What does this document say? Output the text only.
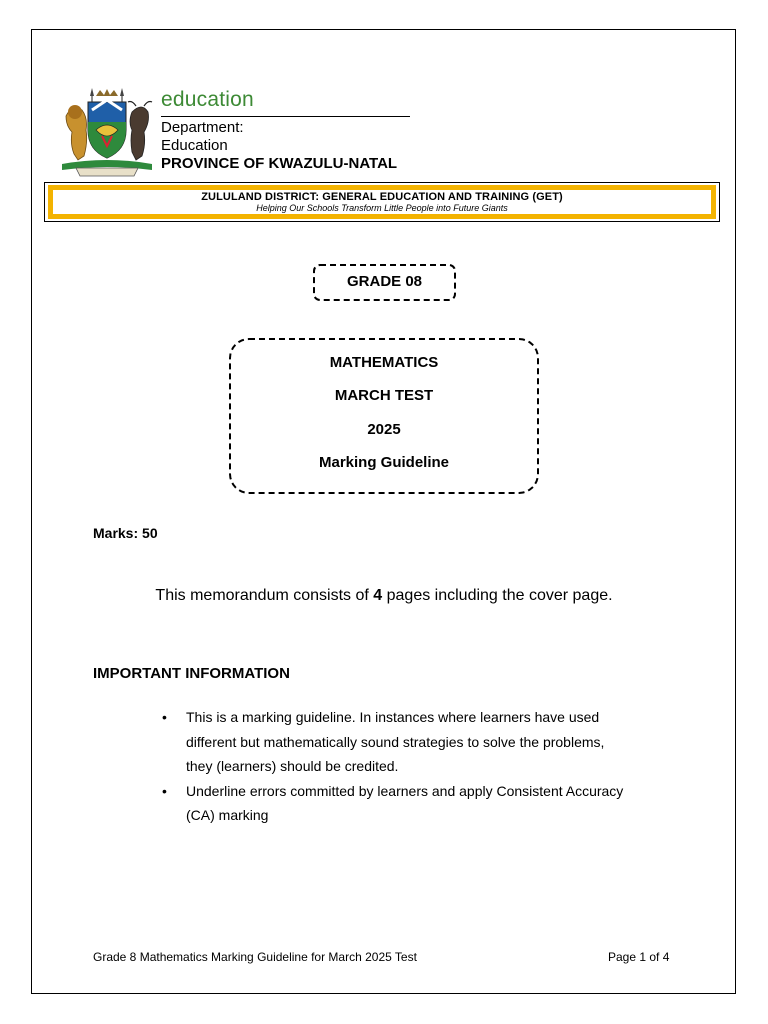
education
Department:
Education
PROVINCE OF KWAZULU-NATAL
ZULULAND DISTRICT: GENERAL EDUCATION AND TRAINING (GET)
Helping Our Schools Transform Little People into Future Giants
GRADE 08
MATHEMATICS
MARCH TEST
2025
Marking Guideline
Marks: 50
This memorandum consists of 4 pages including the cover page.
IMPORTANT INFORMATION
• This is a marking guideline. In instances where learners have used
different but mathematically sound strategies to solve the problems,
they (learners) should be credited.
• Underline errors committed by learners and apply Consistent Accuracy
(CA) marking
Grade 8 Mathematics Marking Guideline for March 2025 Test	Page 1 of 4
